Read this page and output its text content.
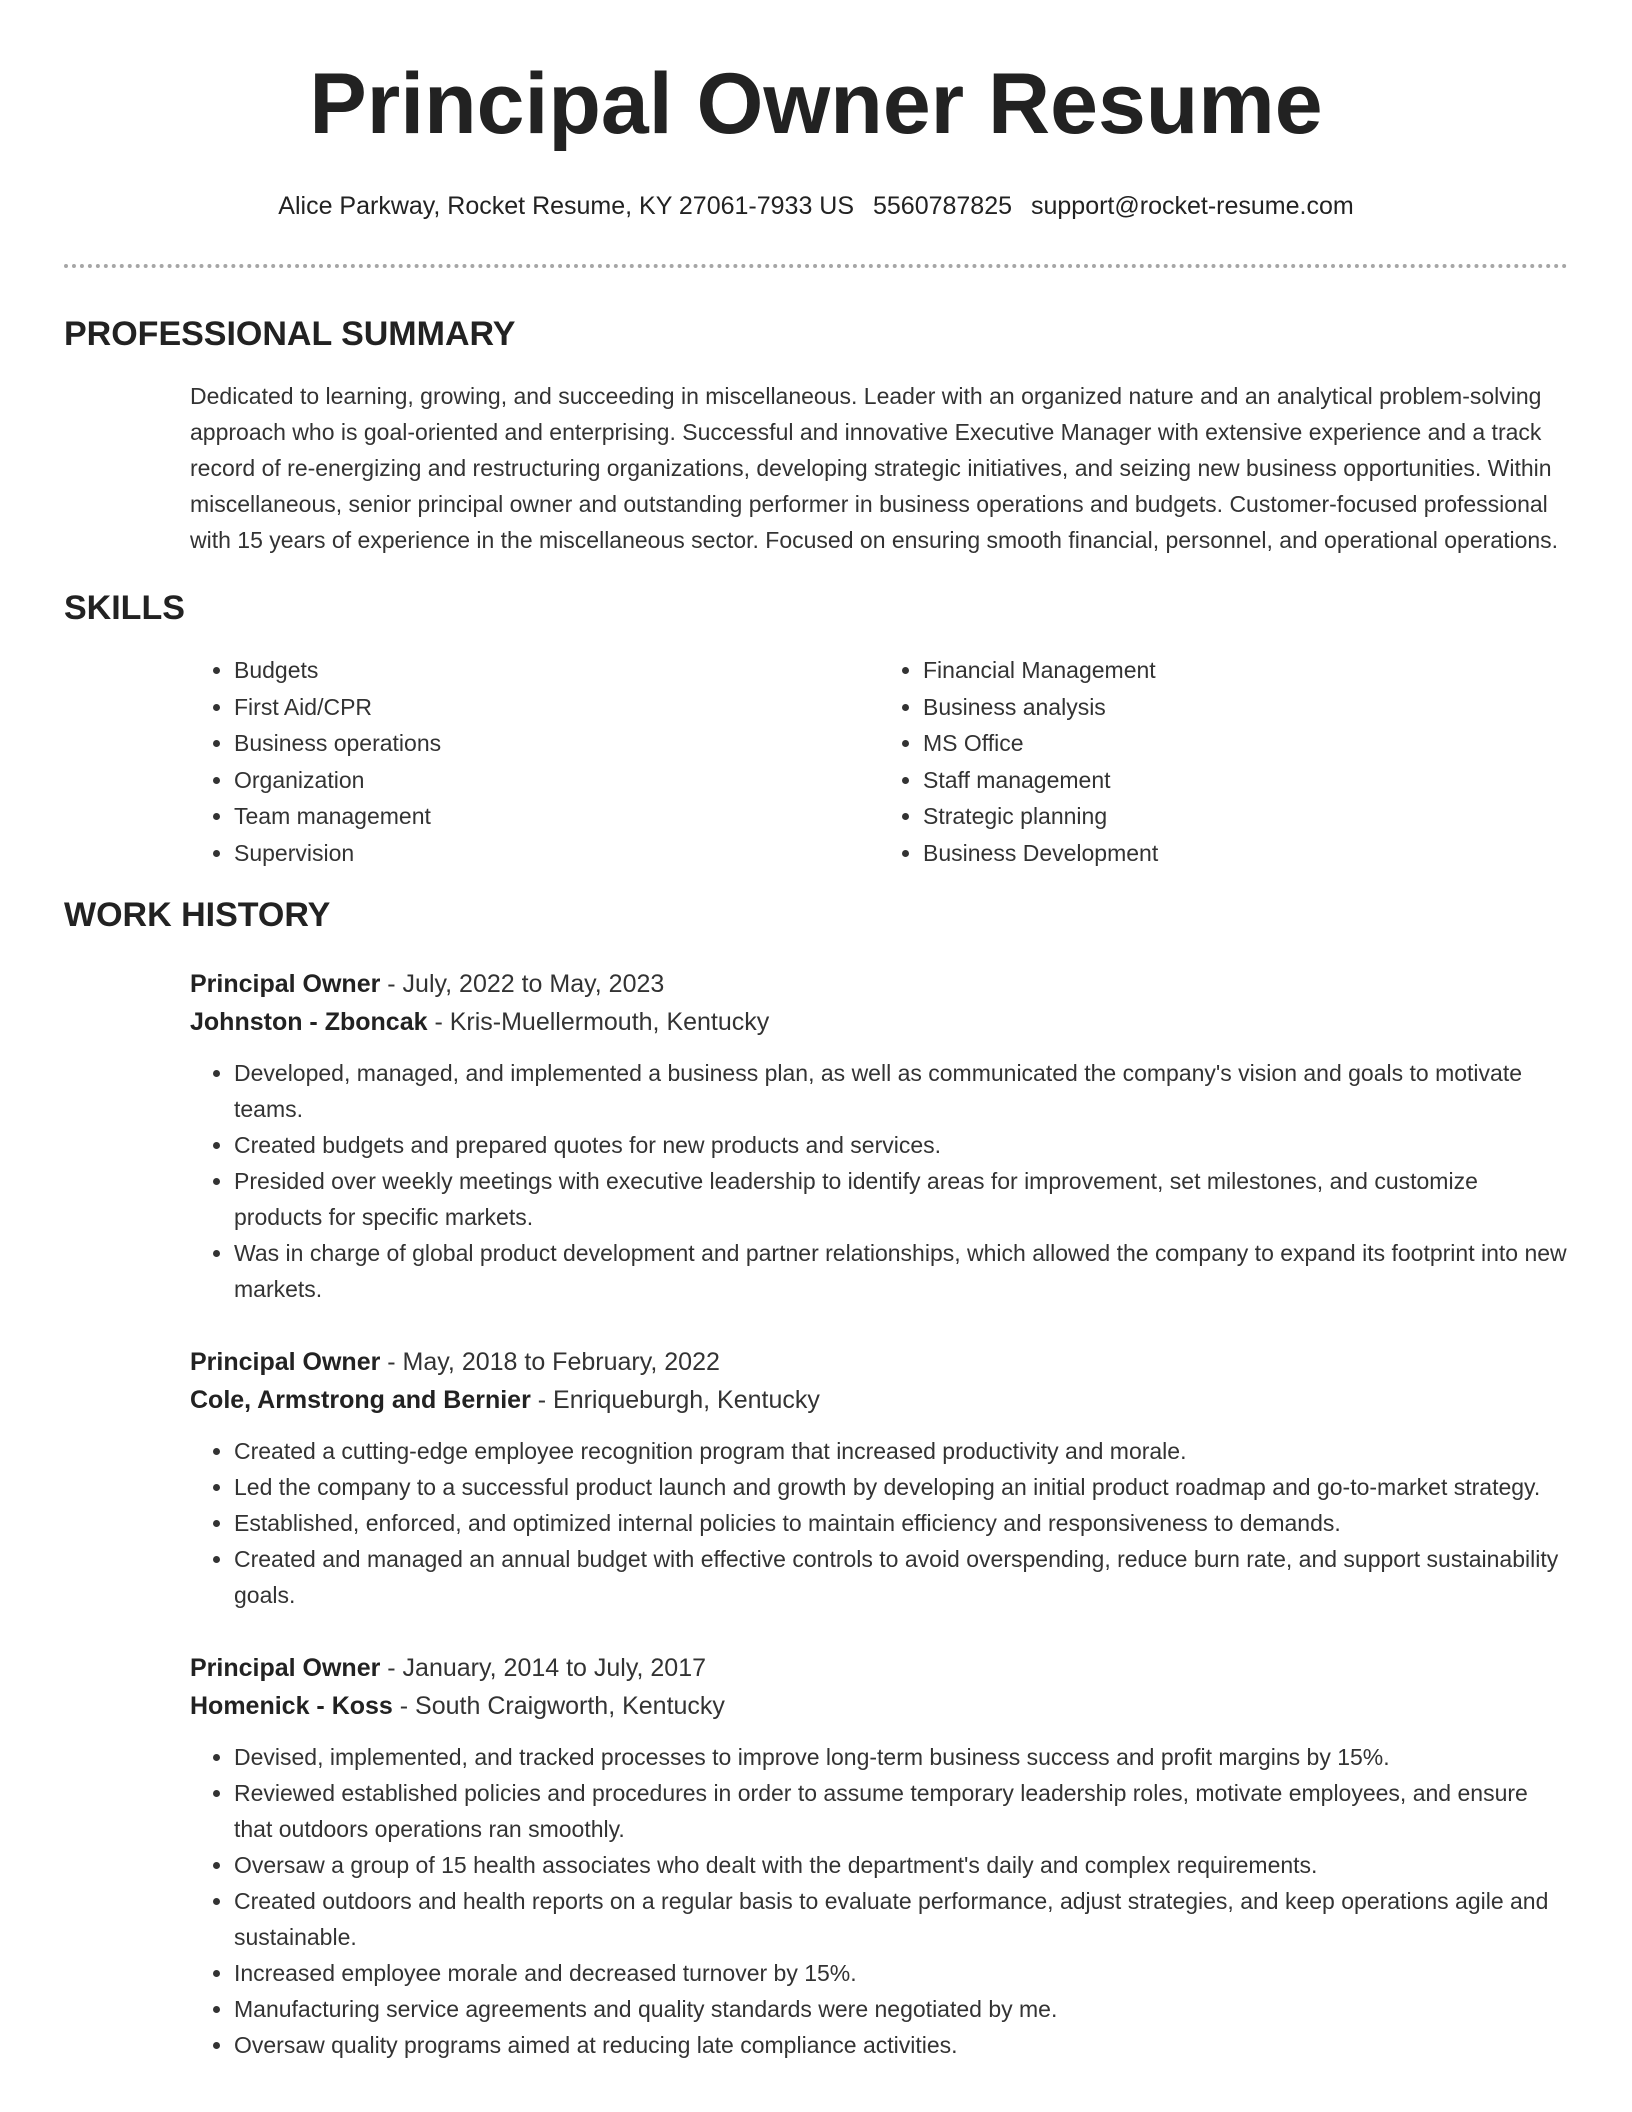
Principal Owner Resume
Alice Parkway, Rocket Resume, KY 27061-7933 US 5560787825 support@rocket-resume.com
PROFESSIONAL SUMMARY

Dedicated to learning, growing, and succeeding in miscellaneous. Leader with an organized nature and an analytical problem-solving approach who is goal-oriented and enterprising. Successful and innovative Executive Manager with extensive experience and a track record of re-energizing and restructuring organizations, developing strategic initiatives, and seizing new business opportunities. Within miscellaneous, senior principal owner and outstanding performer in business operations and budgets. Customer-focused professional with 15 years of experience in the miscellaneous sector. Focused on ensuring smooth financial, personnel, and operational operations.

SKILLS
• Budgets
• First Aid/CPR
• Business operations
• Organization
• Team management
• Supervision
• Financial Management
• Business analysis
• MS Office
• Staff management
• Strategic planning
• Business Development
WORK HISTORY
Principal Owner - July, 2022 to May, 2023
Johnston - Zboncak - Kris-Muellermouth, Kentucky
• Developed, managed, and implemented a business plan, as well as communicated the company's vision and goals to motivate teams.
• Created budgets and prepared quotes for new products and services.
• Presided over weekly meetings with executive leadership to identify areas for improvement, set milestones, and customize products for specific markets.
• Was in charge of global product development and partner relationships, which allowed the company to expand its footprint into new markets.
Principal Owner - May, 2018 to February, 2022
Cole, Armstrong and Bernier - Enriqueburgh, Kentucky
• Created a cutting-edge employee recognition program that increased productivity and morale.
• Led the company to a successful product launch and growth by developing an initial product roadmap and go-to-market strategy.
• Established, enforced, and optimized internal policies to maintain efficiency and responsiveness to demands.
• Created and managed an annual budget with effective controls to avoid overspending, reduce burn rate, and support sustainability goals.
Principal Owner - January, 2014 to July, 2017
Homenick - Koss - South Craigworth, Kentucky
• Devised, implemented, and tracked processes to improve long-term business success and profit margins by 15%.
• Reviewed established policies and procedures in order to assume temporary leadership roles, motivate employees, and ensure that outdoors operations ran smoothly.
• Oversaw a group of 15 health associates who dealt with the department's daily and complex requirements.
• Created outdoors and health reports on a regular basis to evaluate performance, adjust strategies, and keep operations agile and sustainable.
• Increased employee morale and decreased turnover by 15%.
• Manufacturing service agreements and quality standards were negotiated by me.
• Oversaw quality programs aimed at reducing late compliance activities.
